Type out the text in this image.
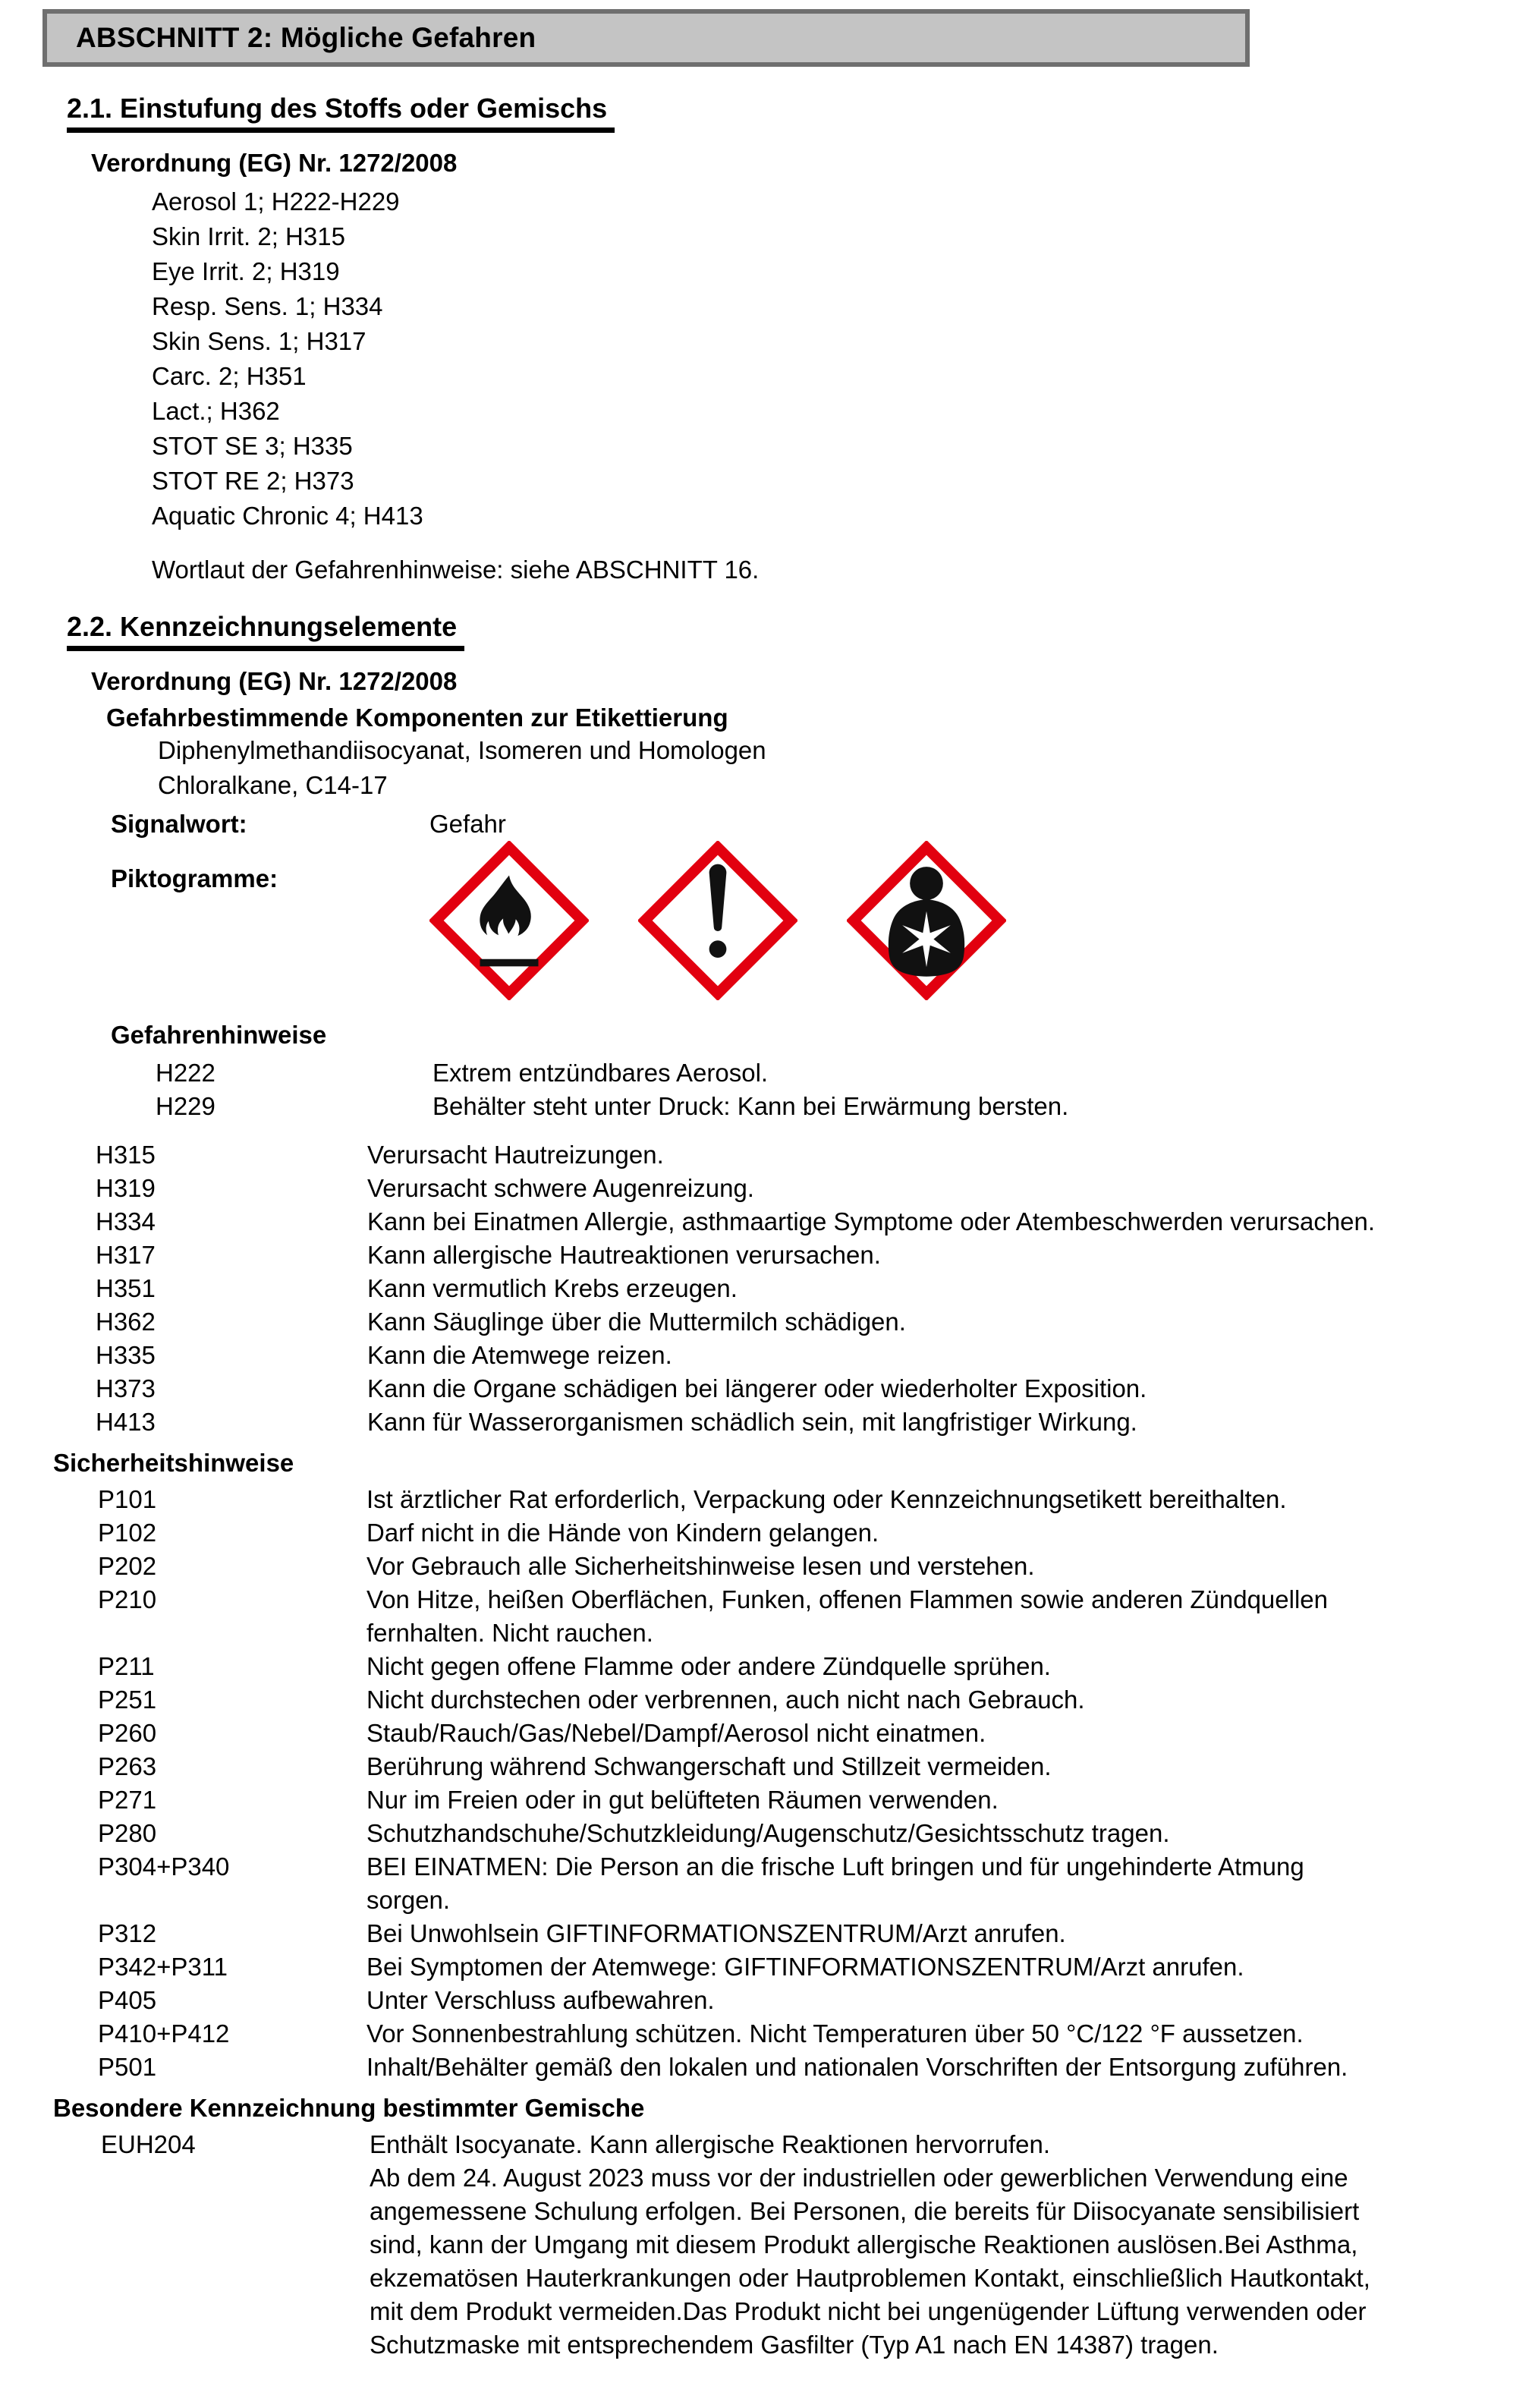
ABSCHNITT 2: Mögliche Gefahren
2.1. Einstufung des Stoffs oder Gemischs

Verordnung (EG) Nr. 1272/2008

Aerosol 1; H222-H229
Skin Irrit. 2; H315
Eye Irrit. 2; H319
Resp. Sens. 1; H334
Skin Sens. 1; H317
Carc. 2; H351
Lact.; H362
STOT SE 3; H335
STOT RE 2; H373
Aquatic Chronic 4; H413

Wortlaut der Gefahrenhinweise: siehe ABSCHNITT 16.

2.2. Kennzeichnungselemente

Verordnung (EG) Nr. 1272/2008

Gefahrbestimmende Komponenten zur Etikettierung

Diphenylmethandiisocyanat, Isomeren und Homologen
Chloralkane, C14-17
Signalwort:	Gefahr
Piktogramme:

Gefahrenhinweise

H222	Extrem entzündbares Aerosol.
H229	Behälter steht unter Druck: Kann bei Erwärmung bersten.
H315	Verursacht Hautreizungen.
H319	Verursacht schwere Augenreizung.
H334	Kann bei Einatmen Allergie, asthmaartige Symptome oder Atembeschwerden verursachen.
H317	Kann allergische Hautreaktionen verursachen.
H351	Kann vermutlich Krebs erzeugen.
H362	Kann Säuglinge über die Muttermilch schädigen.
H335	Kann die Atemwege reizen.
H373	Kann die Organe schädigen bei längerer oder wiederholter Exposition.
H413	Kann für Wasserorganismen schädlich sein, mit langfristiger Wirkung.

Sicherheitshinweise

P101	Ist ärztlicher Rat erforderlich, Verpackung oder Kennzeichnungsetikett bereithalten.
P102	Darf nicht in die Hände von Kindern gelangen.
P202	Vor Gebrauch alle Sicherheitshinweise lesen und verstehen.
P210	Von Hitze, heißen Oberflächen, Funken, offenen Flammen sowie anderen Zündquellen fernhalten. Nicht rauchen.
P211	Nicht gegen offene Flamme oder andere Zündquelle sprühen.
P251	Nicht durchstechen oder verbrennen, auch nicht nach Gebrauch.
P260	Staub/Rauch/Gas/Nebel/Dampf/Aerosol nicht einatmen.
P263	Berührung während Schwangerschaft und Stillzeit vermeiden.
P271	Nur im Freien oder in gut belüfteten Räumen verwenden.
P280	Schutzhandschuhe/Schutzkleidung/Augenschutz/Gesichtsschutz tragen.
P304+P340	BEI EINATMEN: Die Person an die frische Luft bringen und für ungehinderte Atmung sorgen.
P312	Bei Unwohlsein GIFTINFORMATIONSZENTRUM/Arzt anrufen.
P342+P311	Bei Symptomen der Atemwege: GIFTINFORMATIONSZENTRUM/Arzt anrufen.
P405	Unter Verschluss aufbewahren.
P410+P412	Vor Sonnenbestrahlung schützen. Nicht Temperaturen über 50 °C/122 °F aussetzen.
P501	Inhalt/Behälter gemäß den lokalen und nationalen Vorschriften der Entsorgung zuführen.

Besondere Kennzeichnung bestimmter Gemische

EUH204	Enthält Isocyanate. Kann allergische Reaktionen hervorrufen.
Ab dem 24. August 2023 muss vor der industriellen oder gewerblichen Verwendung eine angemessene Schulung erfolgen. Bei Personen, die bereits für Diisocyanate sensibilisiert sind, kann der Umgang mit diesem Produkt allergische Reaktionen auslösen.Bei Asthma, ekzematösen Hauterkrankungen oder Hautproblemen Kontakt, einschließlich Hautkontakt, mit dem Produkt vermeiden.Das Produkt nicht bei ungenügender Lüftung verwenden oder Schutzmaske mit entsprechendem Gasfilter (Typ A1 nach EN 14387) tragen.
